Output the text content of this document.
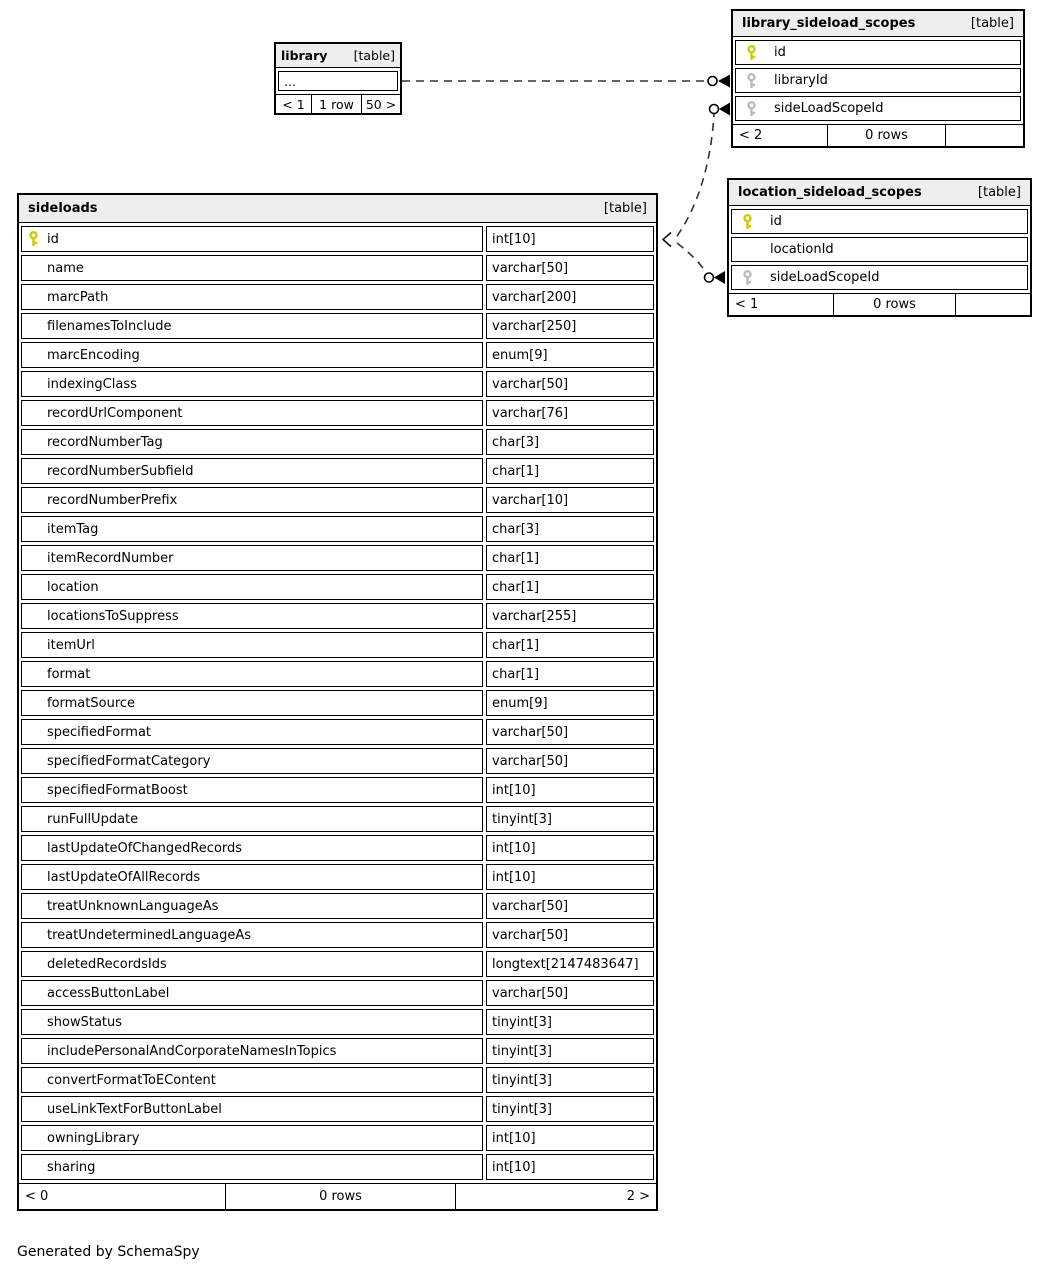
library [table]
...
< 1	1 row 50 >
library_sideload_scopes	[table]
id
libraryId
sideLoadScopeId
< 2	0 rows
location_sideload_scopes	[table]
id
locationId
sideLoadScopeId
< 1	0 rows
sideloads	[table]
id	int[10]
name	varchar[50]
marcPath	varchar[200]
filenamesToInclude	varchar[250]
marcEncoding	enum[9]
indexingClass	varchar[50]
recordUrlComponent	varchar[76]
recordNumberTag	char[3]
recordNumberSubfield	char[1]
recordNumberPrefix	varchar[10]
itemTag	char[3]
itemRecordNumber	char[1]
location	char[1]
locationsToSuppress	varchar[255]
itemUrl	char[1]
format	char[1]
formatSource	enum[9]
specifiedFormat	varchar[50]
specifiedFormatCategory	varchar[50]
specifiedFormatBoost	int[10]
runFullUpdate	tinyint[3]
lastUpdateOfChangedRecords	int[10]
lastUpdateOfAllRecords	int[10]
treatUnknownLanguageAs	varchar[50]
treatUndeterminedLanguageAs	varchar[50]
deletedRecordsIds	longtext[2147483647]
accessButtonLabel	varchar[50]
showStatus	tinyint[3]
includePersonalAndCorporateNamesInTopics	tinyint[3]
convertFormatToEContent	tinyint[3]
useLinkTextForButtonLabel	tinyint[3]
owningLibrary	int[10]
sharing	int[10]
< 0	0 rows	2 >
Generated by SchemaSpy
